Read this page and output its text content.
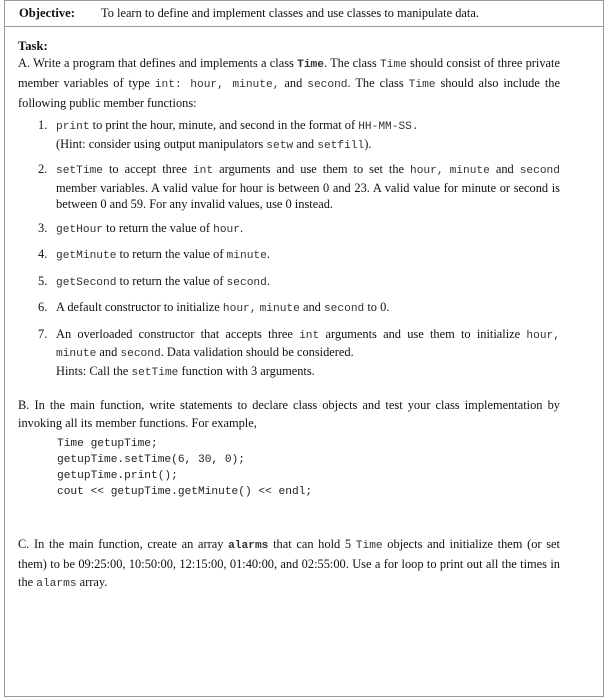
Objective: To learn to define and implement classes and use classes to manipulate data.
Task:

A. Write a program that defines and implements a class Time. The class Time should consist of three private member variables of type int: hour, minute, and second. The class Time should also include the following public member functions:

1. print to print the hour, minute, and second in the format of HH-MM-SS.
(Hint: consider using output manipulators setw and setfill).
2. setTime to accept three int arguments and use them to set the hour, minute and second member variables. A valid value for hour is between 0 and 23. A valid value for minute or second is between 0 and 59. For any invalid values, use 0 instead.
3. getHour to return the value of hour.
4. getMinute to return the value of minute.
5. getSecond to return the value of second.
6. A default constructor to initialize hour, minute and second to 0.
7. An overloaded constructor that accepts three int arguments and use them to initialize hour, minute and second. Data validation should be considered.
Hints: Call the setTime function with 3 arguments.

B. In the main function, write statements to declare class objects and test your class implementation by invoking all its member functions. For example,

Time getupTime;
getupTime.setTime(6, 30, 0);
getupTime.print();
cout << getupTime.getMinute() << endl;

C. In the main function, create an array alarms that can hold 5 Time objects and initialize them (or set them) to be 09:25:00, 10:50:00, 12:15:00, 01:40:00, and 02:55:00. Use a for loop to print out all the times in the alarms array.
